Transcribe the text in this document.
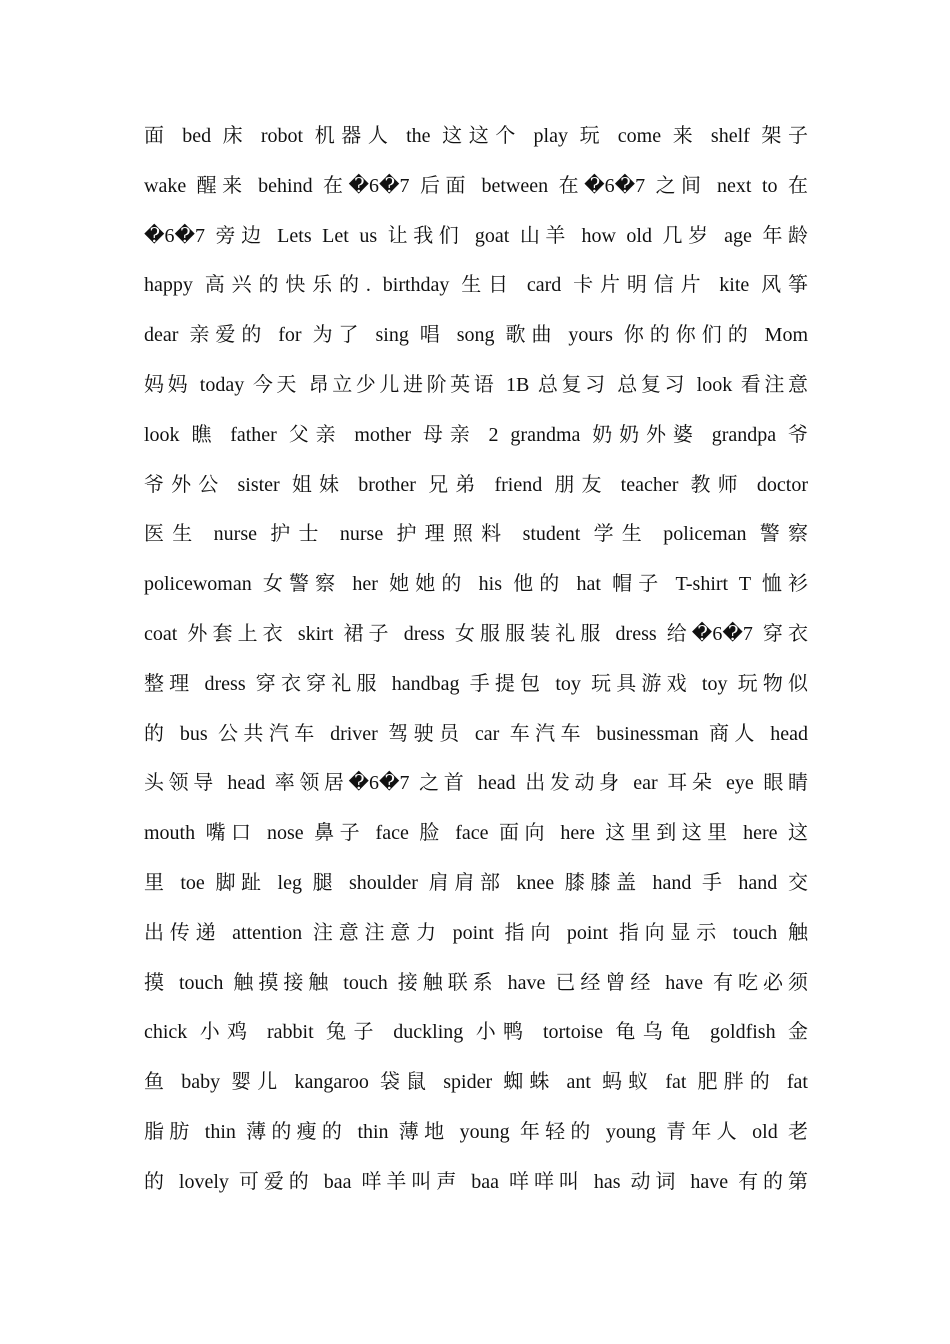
面 bed 床 robot 机器人 the 这这个 play 玩 come 来 shelf 架子
wake 醒来 behind 在�6�7 后面 between 在�6�7 之间 next to 在
�6�7 旁边 Lets Let us 让我们 goat 山羊 how old 几岁 age 年龄
happy 高兴的快乐的. birthday 生日 card 卡片明信片 kite 风筝
dear 亲爱的 for 为了 sing 唱 song 歌曲 yours 你的你们的 Mom
妈妈 today 今天 昂立少儿进阶英语 1B 总复习 总复习 look 看注意
look 瞧 father 父亲 mother 母亲 2 grandma 奶奶外婆 grandpa 爷
爷外公 sister 姐妹 brother 兄弟 friend 朋友 teacher 教师 doctor
医生 nurse 护士 nurse 护理照料 student 学生 policeman 警察
policewoman 女警察 her 她她的 his 他的 hat 帽子 T-shirt T 恤衫
coat 外套上衣 skirt 裙子 dress 女服服装礼服 dress 给�6�7 穿衣
整理 dress 穿衣穿礼服 handbag 手提包 toy 玩具游戏 toy 玩物似
的 bus 公共汽车 driver 驾驶员 car 车汽车 businessman 商人 head
头领导 head 率领居�6�7 之首 head 出发动身 ear 耳朵 eye 眼睛
mouth 嘴口 nose 鼻子 face 脸 face 面向 here 这里到这里 here 这
里 toe 脚趾 leg 腿 shoulder 肩肩部 knee 膝膝盖 hand 手 hand 交
出传递 attention 注意注意力 point 指向 point 指向显示 touch 触
摸 touch 触摸接触 touch 接触联系 have 已经曾经 have 有吃必须
chick 小鸡 rabbit 兔子 duckling 小鸭 tortoise 龟乌龟 goldfish 金
鱼 baby 婴儿 kangaroo 袋鼠 spider 蜘蛛 ant 蚂蚁 fat 肥胖的 fat
脂肪 thin 薄的瘦的 thin 薄地 young 年轻的 young 青年人 old 老
的 lovely 可爱的 baa 咩羊叫声 baa 咩咩叫 has 动词 have 有的第
